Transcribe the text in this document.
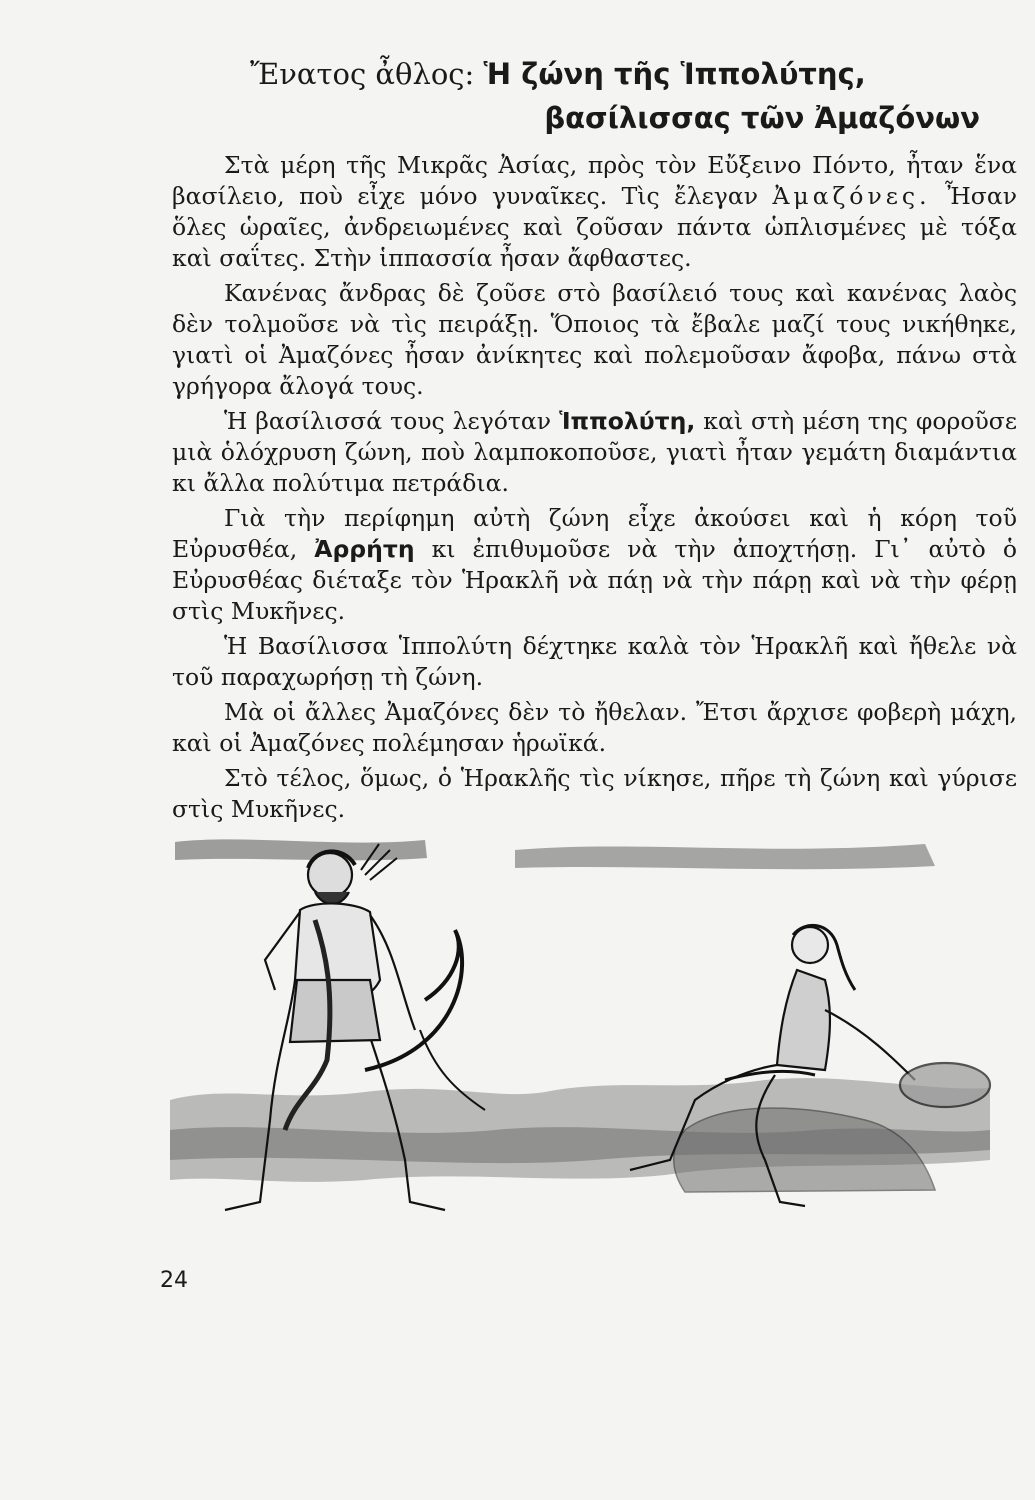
Ἔνατος ἆθλος: Ἡ ζώνη τῆς Ἱππολύτης,
βασίλισσας τῶν Ἀμαζόνων

Στὰ μέρη τῆς Μικρᾶς Ἀσίας, πρὸς τὸν Εὔξεινο Πόντο, ἦταν ἕνα βασίλειο, ποὺ εἶχε μόνο γυναῖκες. Τὶς ἔλεγαν Ἀμαζόνες. Ἦσαν ὅλες ὡραῖες, ἀνδρειωμένες καὶ ζοῦσαν πάντα ὡπλισμένες μὲ τόξα καὶ σαΐτες. Στὴν ἱππασσία ἦσαν ἄφθαστες.

Κανένας ἄνδρας δὲ ζοῦσε στὸ βασίλειό τους καὶ κανένας λαὸς δὲν τολμοῦσε νὰ τὶς πειράξῃ. Ὅποιος τὰ ἔβαλε μαζί τους νικήθηκε, γιατὶ οἱ Ἀμαζόνες ἦσαν ἀνίκητες καὶ πολεμοῦσαν ἄφοβα, πάνω στὰ γρήγορα ἄλογά τους.

Ἡ βασίλισσά τους λεγόταν Ἱππολύτη, καὶ στὴ μέση της φοροῦσε μιὰ ὁλόχρυση ζώνη, ποὺ λαμποκοποῦσε, γιατὶ ἦταν γεμάτη διαμάντια κι ἄλλα πολύτιμα πετράδια.

Γιὰ τὴν περίφημη αὐτὴ ζώνη εἶχε ἀκούσει καὶ ἡ κόρη τοῦ Εὐρυσθέα, Ἀρρήτη κι ἐπιθυμοῦσε νὰ τὴν ἀποχτήσῃ. Γι᾿ αὐτὸ ὁ Εὐρυσθέας διέταξε τὸν Ἡρακλῆ νὰ πάῃ νὰ τὴν πάρῃ καὶ νὰ τὴν φέρῃ στὶς Μυκῆνες.

Ἡ Βασίλισσα Ἱππολύτη δέχτηκε καλὰ τὸν Ἡρακλῆ καὶ ἤθελε νὰ τοῦ παραχωρήσῃ τὴ ζώνη.

Μὰ οἱ ἄλλες Ἀμαζόνες δὲν τὸ ἤθελαν. Ἔτσι ἄρχισε φοβερὴ μάχη, καὶ οἱ Ἀμαζόνες πολέμησαν ἡρωϊκά.

Στὸ τέλος, ὅμως, ὁ Ἡρακλῆς τὶς νίκησε, πῆρε τὴ ζώνη καὶ γύρισε στὶς Μυκῆνες.

24
